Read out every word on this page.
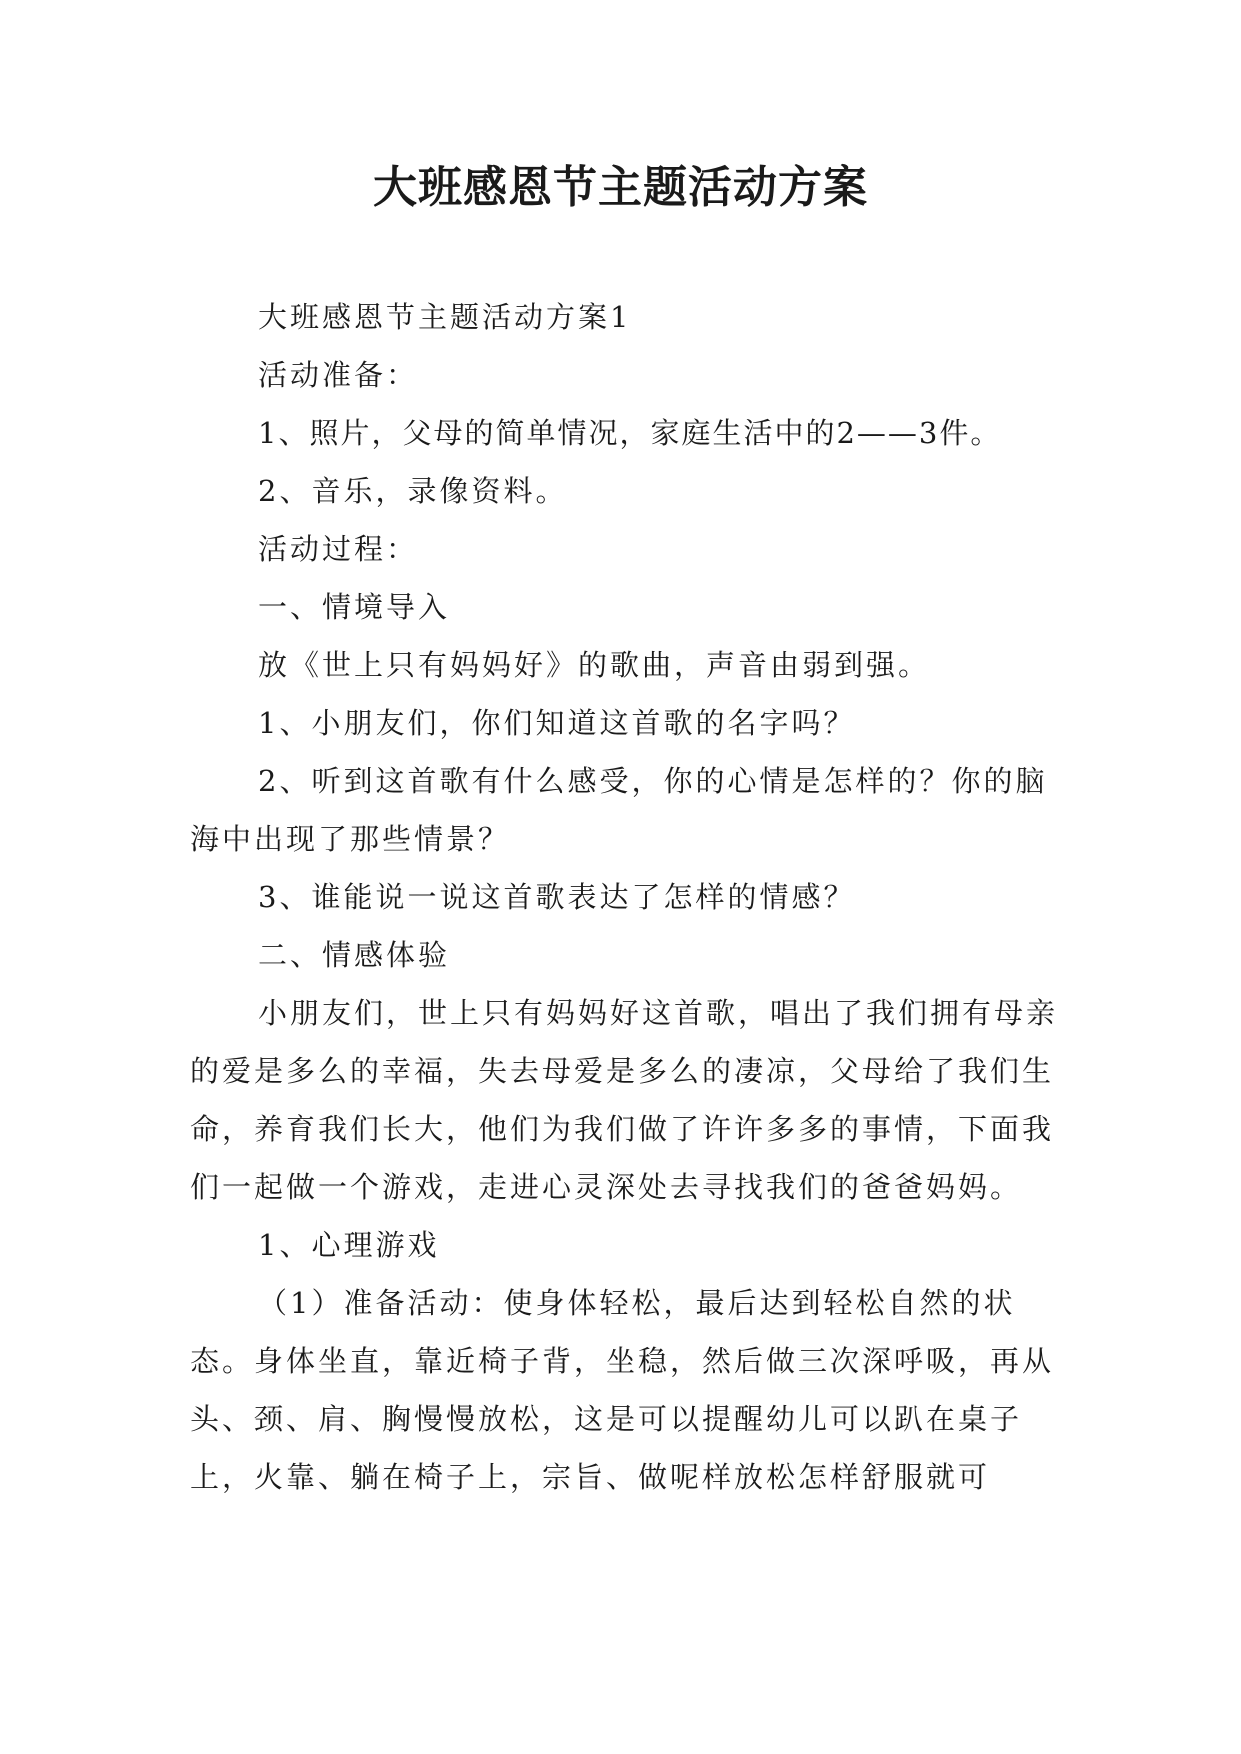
大班感恩节主题活动方案

大班感恩节主题活动方案1

活动准备：

1、照片，父母的简单情况，家庭生活中的2——3件。

2、音乐，录像资料。

活动过程：

一、情境导入

放《世上只有妈妈好》的歌曲，声音由弱到强。

1、小朋友们，你们知道这首歌的名字吗？

2、听到这首歌有什么感受，你的心情是怎样的？你的脑海中出现了那些情景？

3、谁能说一说这首歌表达了怎样的情感？

二、情感体验

小朋友们，世上只有妈妈好这首歌，唱出了我们拥有母亲的爱是多么的幸福，失去母爱是多么的凄凉，父母给了我们生命，养育我们长大，他们为我们做了许许多多的事情，下面我们一起做一个游戏，走进心灵深处去寻找我们的爸爸妈妈。

1、心理游戏

（1）准备活动：使身体轻松，最后达到轻松自然的状态。身体坐直，靠近椅子背，坐稳，然后做三次深呼吸，再从头、颈、肩、胸慢慢放松，这是可以提醒幼儿可以趴在桌子上，火靠、躺在椅子上，宗旨、做呢样放松怎样舒服就可
